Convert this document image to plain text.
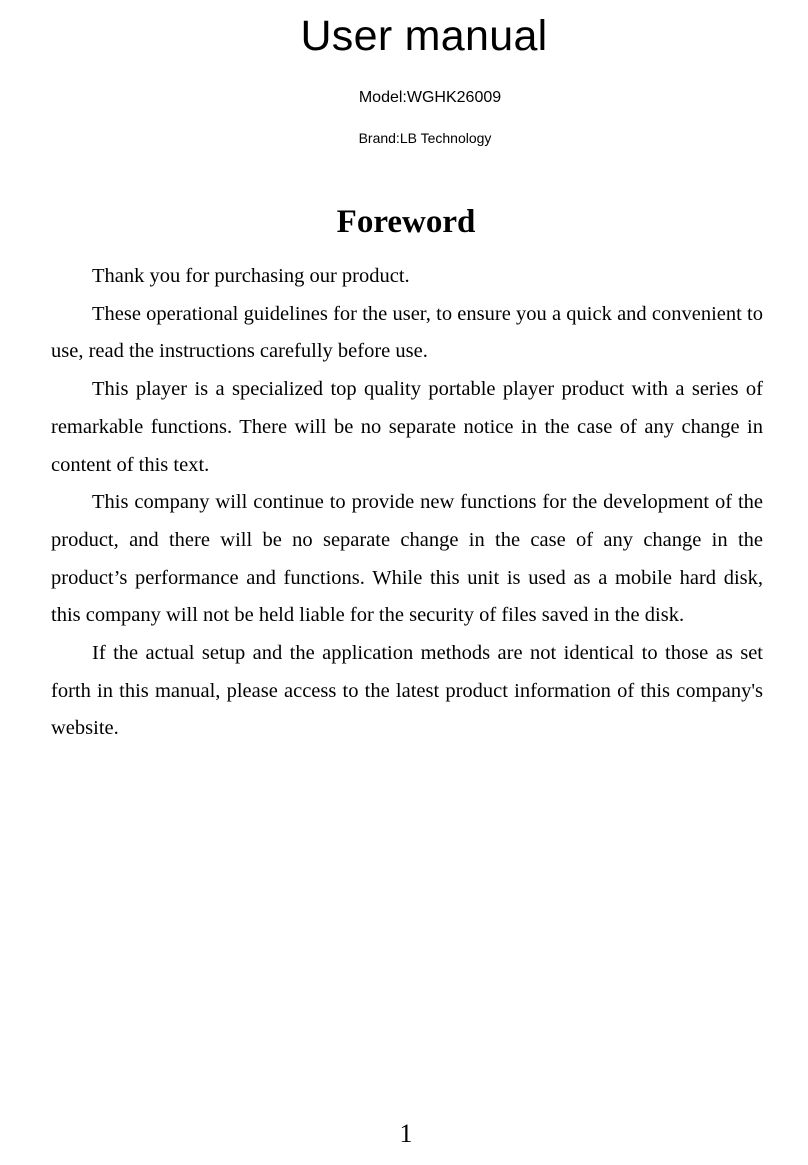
User manual
Model:WGHK26009
Brand:LB Technology
Foreword

Thank you for purchasing our product.

These operational guidelines for the user, to ensure you a quick and convenient to use, read the instructions carefully before use.

This player is a specialized top quality portable player product with a series of remarkable functions. There will be no separate notice in the case of any change in content of this text.

This company will continue to provide new functions for the development of the product, and there will be no separate change in the case of any change in the product’s performance and functions. While this unit is used as a mobile hard disk, this company will not be held liable for the security of files saved in the disk.

If the actual setup and the application methods are not identical to those as set forth in this manual, please access to the latest product information of this company's website.

1
